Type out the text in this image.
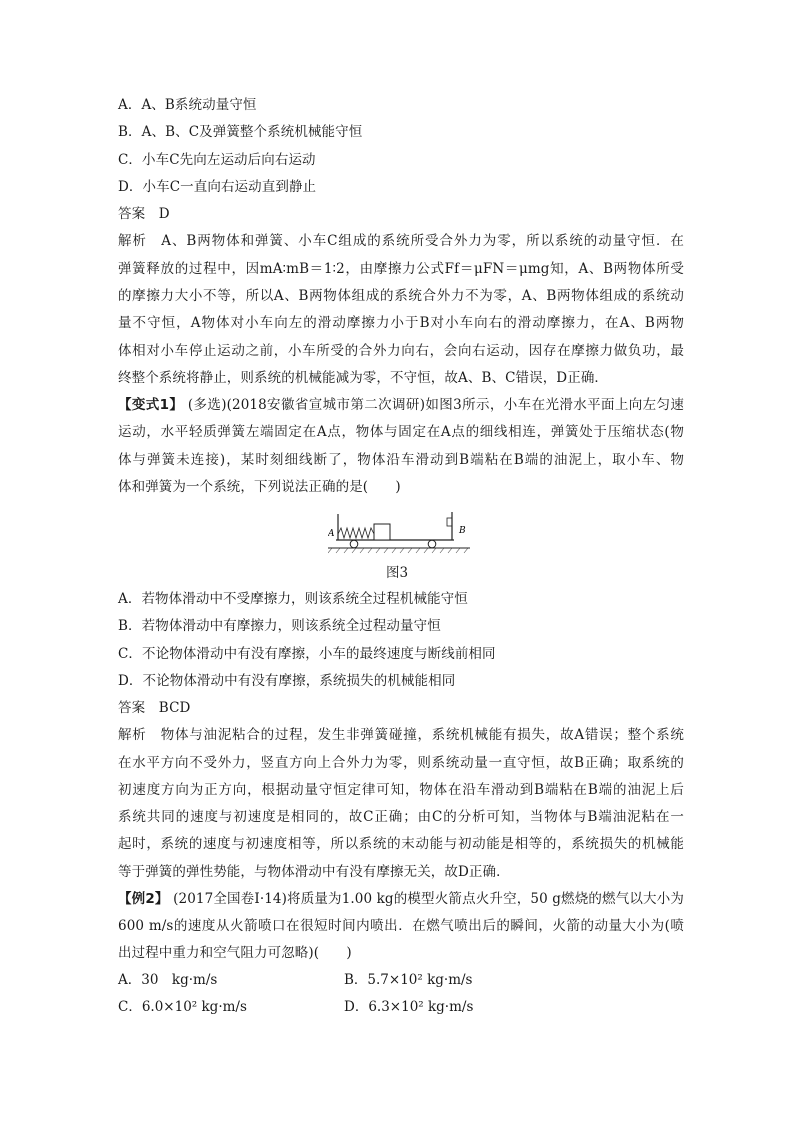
A．A、B系统动量守恒
B．A、B、C及弹簧整个系统机械能守恒
C．小车C先向左运动后向右运动
D．小车C一直向右运动直到静止
答案　D
解析　A、B两物体和弹簧、小车C组成的系统所受合外力为零，所以系统的动量守恒．在
弹簧释放的过程中，因mA∶mB＝1∶2，由摩擦力公式Ff＝μFN＝μmg知，A、B两物体所受
的摩擦力大小不等，所以A、B两物体组成的系统合外力不为零，A、B两物体组成的系统动
量不守恒，A物体对小车向左的滑动摩擦力小于B对小车向右的滑动摩擦力，在A、B两物
体相对小车停止运动之前，小车所受的合外力向右，会向右运动，因存在摩擦力做负功，最
终整个系统将静止，则系统的机械能减为零，不守恒，故A、B、C错误，D正确．
【变式1】  (多选)(2018安徽省宣城市第二次调研)如图3所示，小车在光滑水平面上向左匀速
运动，水平轻质弹簧左端固定在A点，物体与固定在A点的细线相连，弹簧处于压缩状态(物
体与弹簧未连接)，某时刻细线断了，物体沿车滑动到B端粘在B端的油泥上，取小车、物
体和弹簧为一个系统，下列说法正确的是(　　)
A	B
图3
A．若物体滑动中不受摩擦力，则该系统全过程机械能守恒
B．若物体滑动中有摩擦力，则该系统全过程动量守恒
C．不论物体滑动中有没有摩擦，小车的最终速度与断线前相同
D．不论物体滑动中有没有摩擦，系统损失的机械能相同
答案　BCD
解析　物体与油泥粘合的过程，发生非弹簧碰撞，系统机械能有损失，故A错误；整个系统
在水平方向不受外力，竖直方向上合外力为零，则系统动量一直守恒，故B正确；取系统的
初速度方向为正方向，根据动量守恒定律可知，物体在沿车滑动到B端粘在B端的油泥上后
系统共同的速度与初速度是相同的，故C正确；由C的分析可知，当物体与B端油泥粘在一
起时，系统的速度与初速度相等，所以系统的末动能与初动能是相等的，系统损失的机械能
等于弹簧的弹性势能，与物体滑动中有没有摩擦无关，故D正确．
【例2】  (2017全国卷Ⅰ·14)将质量为1.00 kg的模型火箭点火升空，50 g燃烧的燃气以大小为
600 m/s的速度从火箭喷口在很短时间内喷出．在燃气喷出后的瞬间，火箭的动量大小为(喷
出过程中重力和空气阻力可忽略)(　　)
A．30　kg·m/s	B．5.7×10² kg·m/s
C．6.0×10² kg·m/s	D．6.3×10² kg·m/s
